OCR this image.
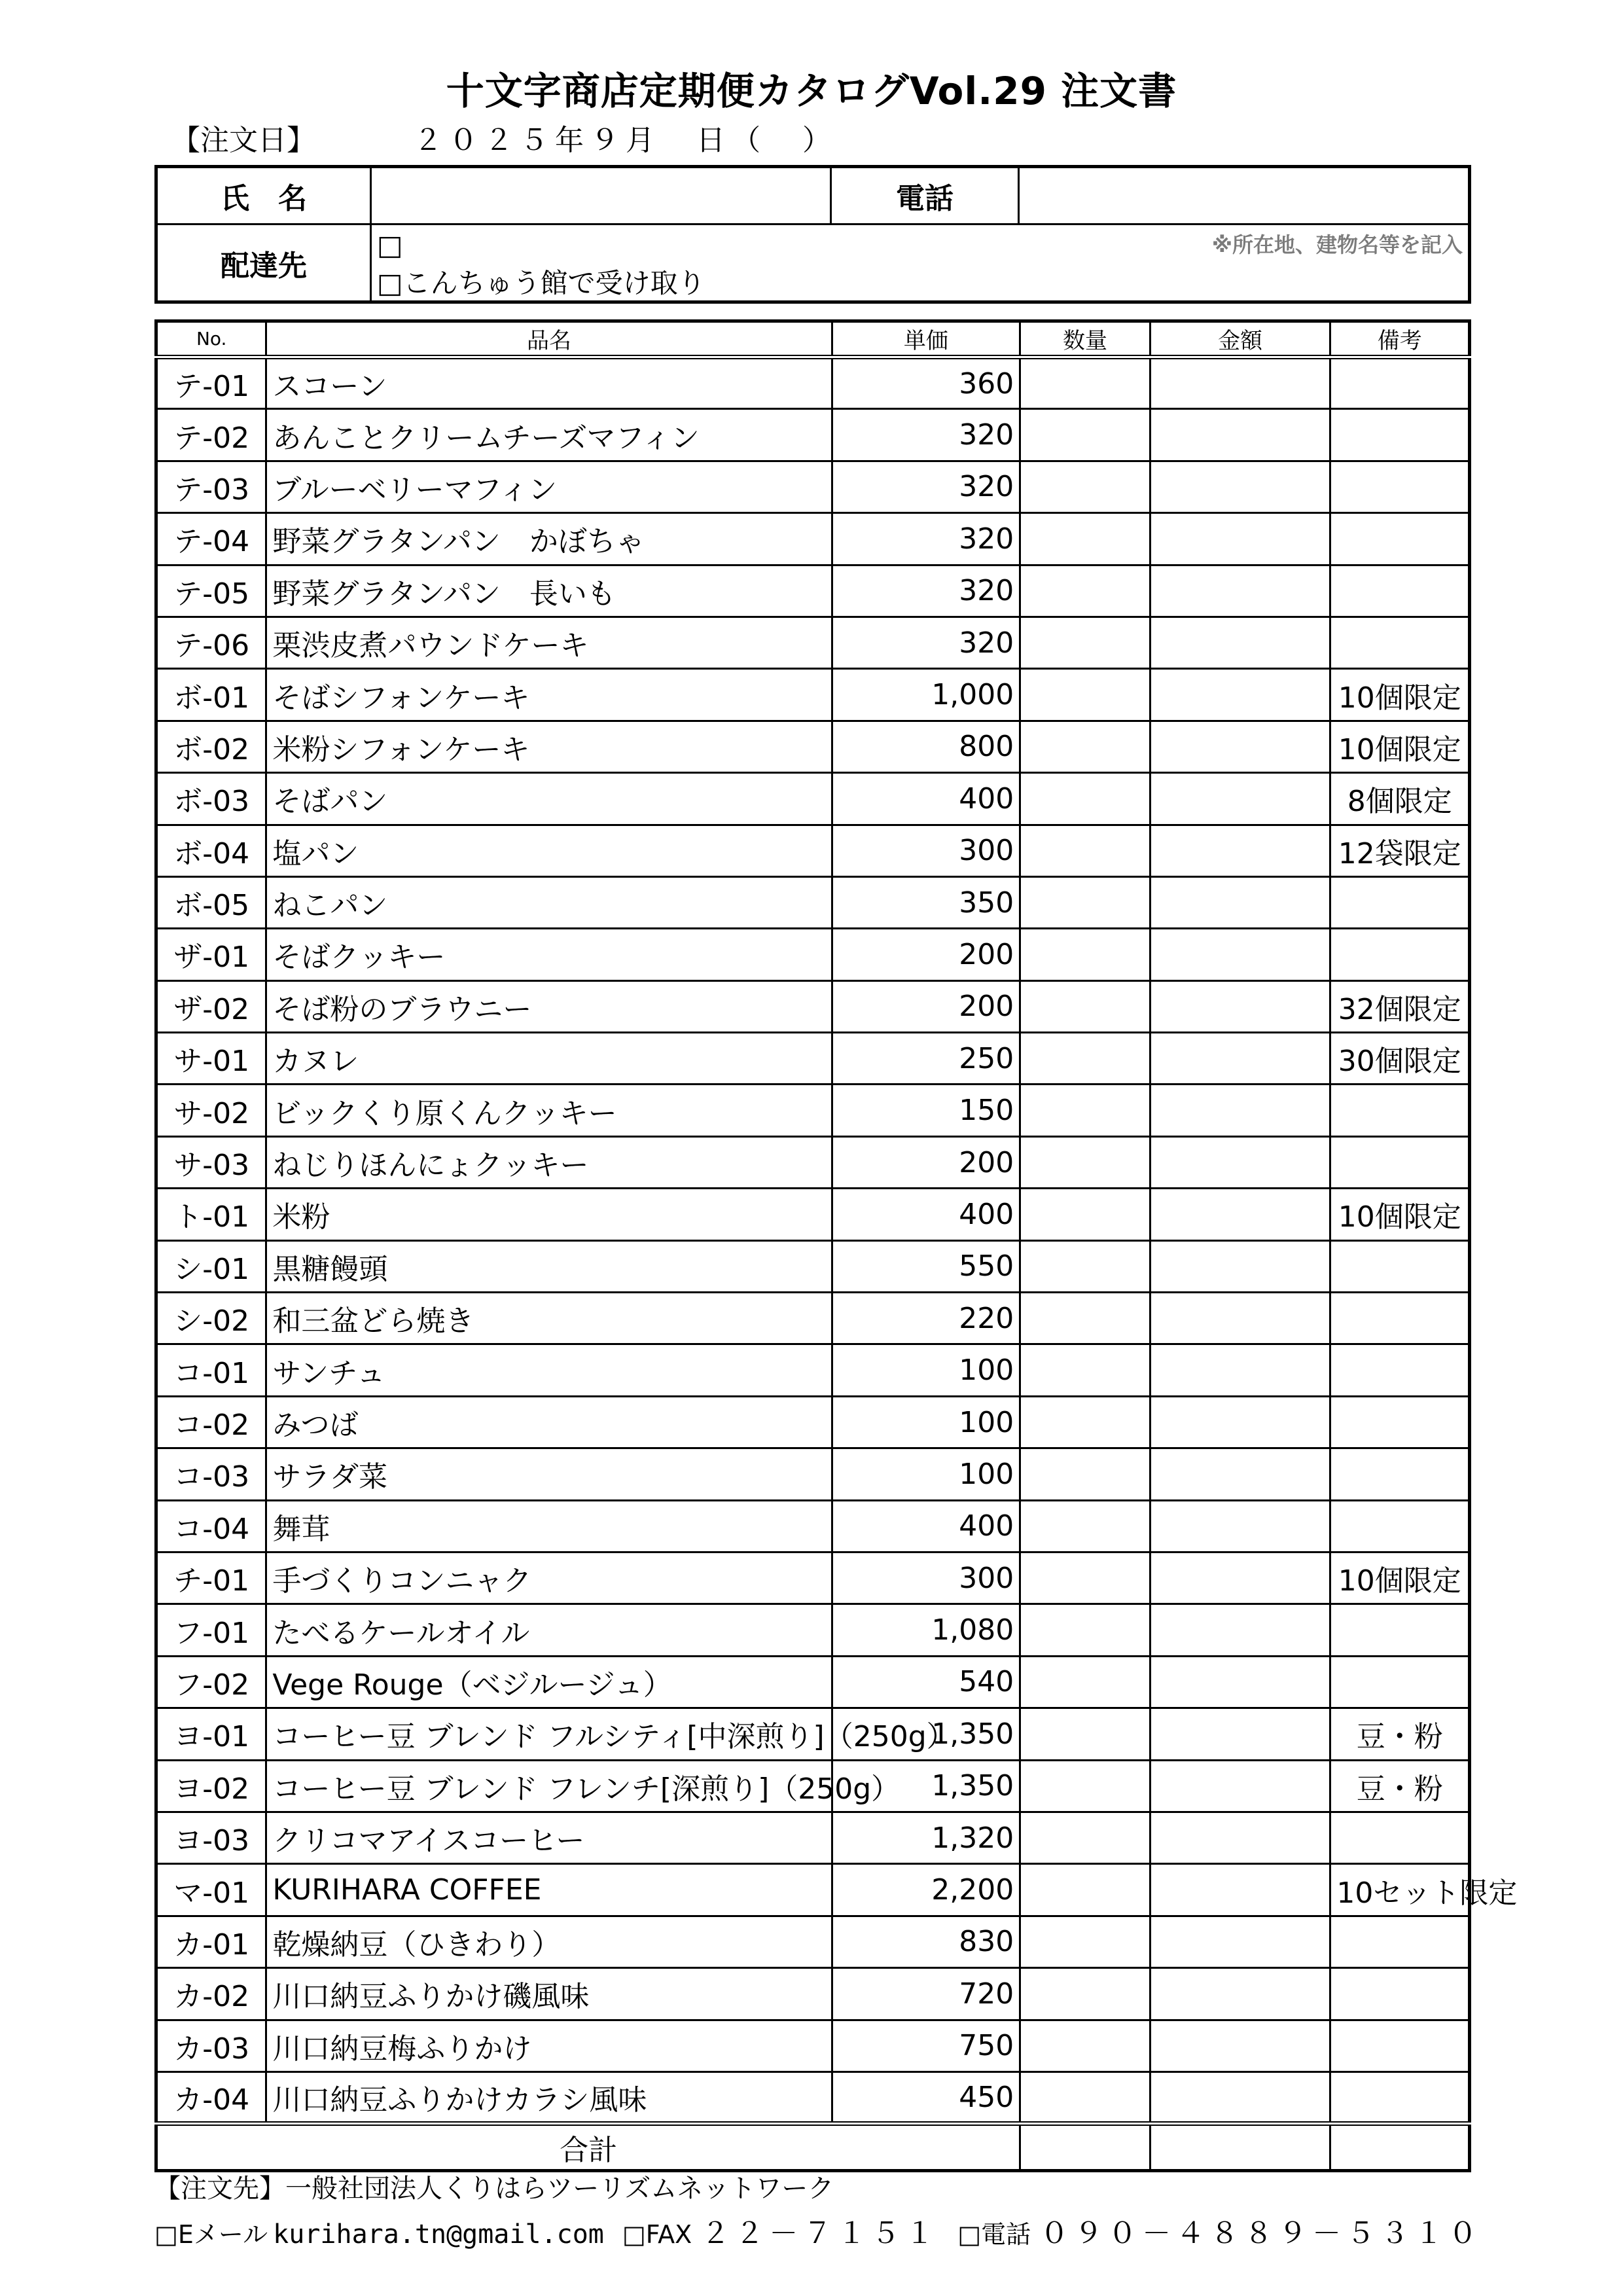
十文字商店定期便カタログVol.29 注文書
【注文日】	２０２５年９月　日（　）
氏　名	電話
配達先
□	※所在地、建物名等を記入
□こんちゅう館で受け取り
No.	品名	単価	数量	金額	備考
テ-01	スコーン	360			
テ-02	あんことクリームチーズマフィン	320			
テ-03	ブルーベリーマフィン	320			
テ-04	野菜グラタンパン　かぼちゃ	320			
テ-05	野菜グラタンパン　長いも	320			
テ-06	栗渋皮煮パウンドケーキ	320			
ボ-01	そばシフォンケーキ	1,000			10個限定
ボ-02	米粉シフォンケーキ	800			10個限定
ボ-03	そばパン	400			8個限定
ボ-04	塩パン	300			12袋限定
ボ-05	ねこパン	350			
ザ-01	そばクッキー	200			
ザ-02	そば粉のブラウニー	200			32個限定
サ-01	カヌレ	250			30個限定
サ-02	ビックくり原くんクッキー	150			
サ-03	ねじりほんにょクッキー	200			
ト-01	米粉	400			10個限定
シ-01	黒糖饅頭	550			
シ-02	和三盆どら焼き	220			
コ-01	サンチュ	100			
コ-02	みつば	100			
コ-03	サラダ菜	100			
コ-04	舞茸	400			
チ-01	手づくりコンニャク	300			10個限定
フ-01	たべるケールオイル	1,080			
フ-02	Vege Rouge（ベジルージュ）	540			
ヨ-01	コーヒー豆 ブレンド フルシティ[中深煎り]（250g）	1,350			豆・粉
ヨ-02	コーヒー豆 ブレンド フレンチ[深煎り]（250g）	1,350			豆・粉
ヨ-03	クリコマアイスコーヒー	1,320			
マ-01	KURIHARA COFFEE	2,200			10セット限定
カ-01	乾燥納豆（ひきわり）	830			
カ-02	川口納豆ふりかけ磯風味	720			
カ-03	川口納豆梅ふりかけ	750			
カ-04	川口納豆ふりかけカラシ風味	450			
合計					
【注文先】一般社団法人くりはらツーリズムネットワーク
□Eメール kurihara.tn@gmail.com □FAX ２２－７１５１ □電話 ０９０－４８８９－５３１０
